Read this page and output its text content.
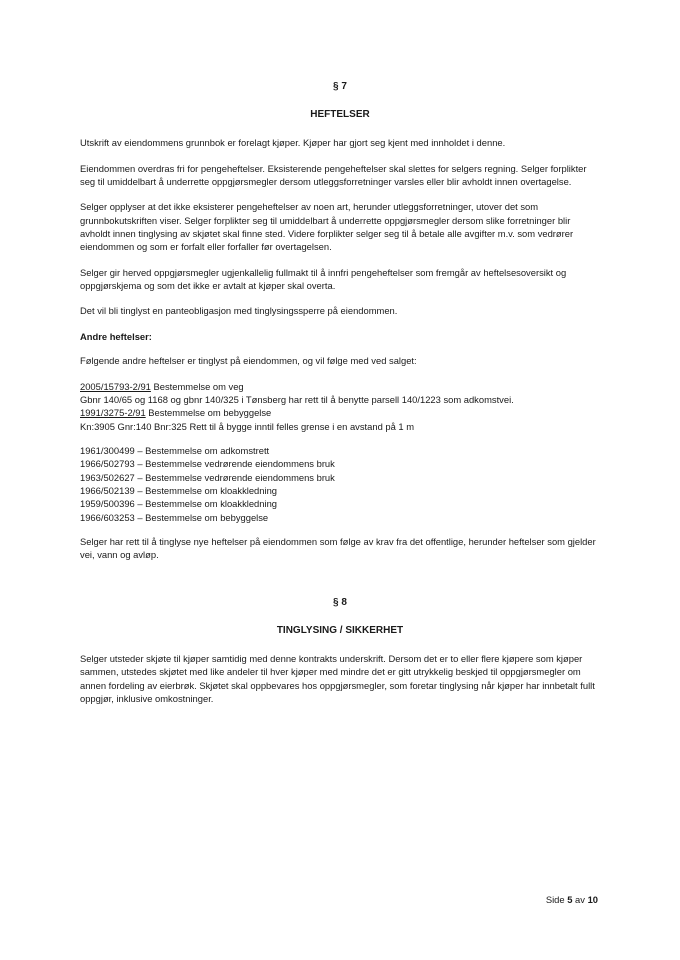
§ 7
HEFTELSER

Utskrift av eiendommens grunnbok er forelagt kjøper. Kjøper har gjort seg kjent med innholdet i denne.

Eiendommen overdras fri for pengeheftelser. Eksisterende pengeheftelser skal slettes for selgers regning. Selger forplikter seg til umiddelbart å underrette oppgjørsmegler dersom utleggsforretninger varsles eller blir avholdt innen overtagelse.

Selger opplyser at det ikke eksisterer pengeheftelser av noen art, herunder utleggsforretninger, utover det som grunnbokutskriften viser. Selger forplikter seg til umiddelbart å underrette oppgjørsmegler dersom slike forretninger blir avholdt innen tinglysing av skjøtet skal finne sted. Videre forplikter selger seg til å betale alle avgifter m.v. som vedrører eiendommen og som er forfalt eller forfaller før overtagelsen.

Selger gir herved oppgjørsmegler ugjenkallelig fullmakt til å innfri pengeheftelser som fremgår av heftelsesoversikt og oppgjørskjema og som det ikke er avtalt at kjøper skal overta.

Det vil bli tinglyst en panteobligasjon med tinglysingssperre på eiendommen.

Andre heftelser:

Følgende andre heftelser er tinglyst på eiendommen, og vil følge med ved salget:

2005/15793-2/91 Bestemmelse om veg
Gbnr 140/65 og 1168 og gbnr 140/325 i Tønsberg har rett til å benytte parsell 140/1223 som adkomstvei.
1991/3275-2/91 Bestemmelse om bebyggelse
Kn:3905 Gnr:140 Bnr:325 Rett til å bygge inntil felles grense i en avstand på 1 m
1961/300499 – Bestemmelse om adkomstrett
1966/502793 – Bestemmelse vedrørende eiendommens bruk
1963/502627 – Bestemmelse vedrørende eiendommens bruk
1966/502139 – Bestemmelse om kloakkledning
1959/500396 – Bestemmelse om kloakkledning
1966/603253 – Bestemmelse om bebyggelse

Selger har rett til å tinglyse nye heftelser på eiendommen som følge av krav fra det offentlige, herunder heftelser som gjelder vei, vann og avløp.

§ 8
TINGLYSING / SIKKERHET

Selger utsteder skjøte til kjøper samtidig med denne kontrakts underskrift. Dersom det er to eller flere kjøpere som kjøper sammen, utstedes skjøtet med like andeler til hver kjøper med mindre det er gitt utrykkelig beskjed til oppgjørsmegler om annen fordeling av eierbrøk. Skjøtet skal oppbevares hos oppgjørsmegler, som foretar tinglysing når kjøper har innbetalt fullt oppgjør, inklusive omkostninger.

Side 5 av 10
